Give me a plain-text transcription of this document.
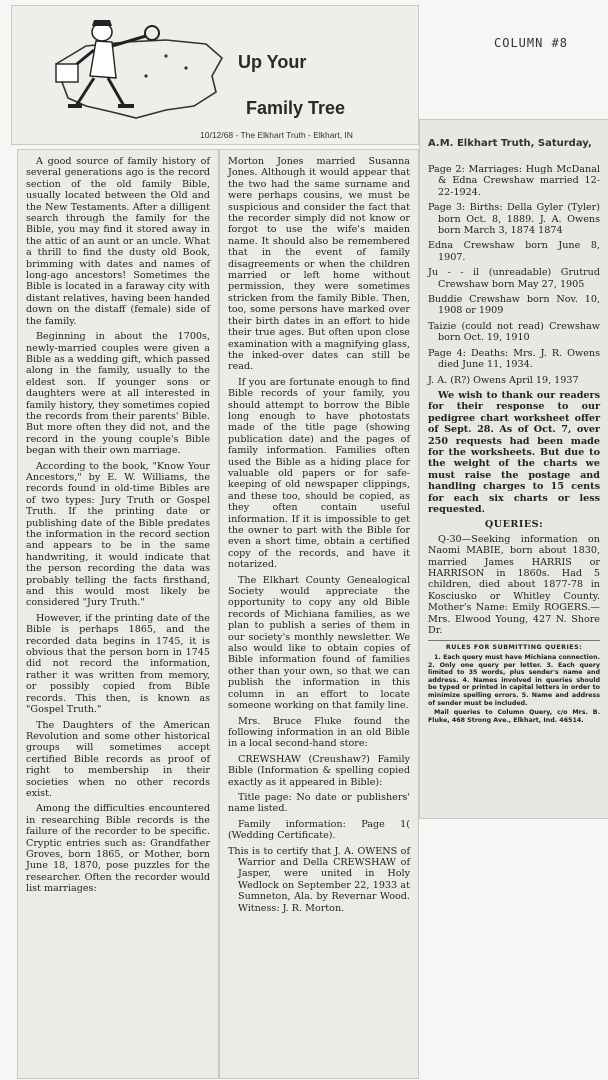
COLUMN #8
Up Your
Family Tree
10/12/68 - The Elkhart Truth - Elkhart, IN

A good source of family history of several generations ago is the record section of the old family Bible, usually located between the Old and the New Testaments. After a dilligent search through the family for the Bible, you may find it stored away in the attic of an aunt or an uncle. What a thrill to find the dusty old Book, brimming with dates and names of long-ago ancestors! Sometimes the Bible is located in a faraway city with distant relatives, having been handed down on the distaff (female) side of the family.

Beginning in about the 1700s, newly-married couples were given a Bible as a wedding gift, which passed along in the family, usually to the eldest son. If younger sons or daughters were at all interested in family history, they sometimes copied the records from their parents' Bible. But more often they did not, and the record in the young couple's Bible began with their own marriage.

According to the book, "Know Your Ancestors," by E. W. Williams, the records found in old-time Bibles are of two types: Jury Truth or Gospel Truth. If the printing date or publishing date of the Bible predates the information in the record section and appears to be in the same handwriting, it would indicate that the person recording the data was probably telling the facts firsthand, and this would most likely be considered "Jury Truth."

However, if the printing date of the Bible is perhaps 1865, and the recorded data begins in 1745, it is obvious that the person born in 1745 did not record the information, rather it was written from memory, or possibly copied from Bible records. This then, is known as "Gospel Truth."

The Daughters of the American Revolution and some other historical groups will sometimes accept certified Bible records as proof of right to membership in their societies when no other records exist.

Among the difficulties encountered in researching Bible records is the failure of the recorder to be specific. Cryptic entries such as: Grandfather Groves, born 1865, or Mother, born June 18, 1870, pose puzzles for the researcher. Often the recorder would list marriages:

Morton Jones married Susanna Jones. Although it would appear that the two had the same surname and were perhaps cousins, we must be suspicious and consider the fact that the recorder simply did not know or forgot to use the wife's maiden name. It should also be remembered that in the event of family disagreements or when the children married or left home without permission, they were sometimes stricken from the family Bible. Then, too, some persons have marked over their birth dates in an effort to hide their true ages. But often upon close examination with a magnifying glass, the inked-over dates can still be read.

If you are fortunate enough to find Bible records of your family, you should attempt to borrow the Bible long enough to have photostats made of the title page (showing publication date) and the pages of family information. Families often used the Bible as a hiding place for valuable old papers or for safe-keeping of old newspaper clippings, and these too, should be copied, as they often contain useful information. If it is impossible to get the owner to part with the Bible for even a short time, obtain a certified copy of the records, and have it notarized.

The Elkhart County Genealogical Society would appreciate the opportunity to copy any old Bible records of Michiana families, as we plan to publish a series of them in our society's monthly newsletter. We also would like to obtain copies of Bible information found of families other than your own, so that we can publish the information in this column in an effort to locate someone working on that family line.

Mrs. Bruce Fluke found the following information in an old Bible in a local second-hand store:

CREWSHAW (Creushaw?) Family Bible (Information & spelling copied exactly as it appeared in Bible):

Title page: No date or publishers' name listed.

Family information: Page 1( (Wedding Certificate).

This is to certify that J. A. OWENS of Warrior and Della CREWSHAW of Jasper, were united in Holy Wedlock on September 22, 1933 at Sumneton, Ala. by Revernar Wood. Witness: J. R. Morton.

A.M. Elkhart Truth, Saturday,

Page 2: Marriages: Hugh McDanal & Edna Crewshaw married 12-22-1924.

Page 3: Births: Della Gyler (Tyler) born Oct. 8, 1889. J. A. Owens born March 3, 1874 1874

Edna Crewshaw born June 8, 1907.

Ju - - il (unreadable) Grutrud Crewshaw born May 27, 1905

Buddie Crewshaw born Nov. 10, 1908 or 1909

Taizie (could not read) Crewshaw born Oct. 19, 1910

Page 4: Deaths: Mrs. J. R. Owens died June 11, 1934.

J. A. (R?) Owens April 19, 1937

We wish to thank our readers for their response to our pedigree chart worksheet offer of Sept. 28. As of Oct. 7, over 250 requests had been made for the worksheets. But due to the weight of the charts we must raise the postage and handling charges to 15 cents for each six charts or less requested.

QUERIES:

Q-30—Seeking information on Naomi MABIE, born about 1830, married James HARRIS or HARRISON in 1860s. Had 5 children, died about 1877-78 in Kosciusko or Whitley County. Mother's Name: Emily ROGERS.—Mrs. Elwood Young, 427 N. Shore Dr.

RULES FOR SUBMITTING QUERIES:

1. Each query must have Michiana connection. 2. Only one query per letter. 3. Each query limited to 35 words, plus sender's name and address. 4. Names involved in queries should be typed or printed in capital letters in order to minimize spelling errors. 5. Name and address of sender must be included.

Mail queries to Column Query, c/o Mrs. B. Fluke, 468 Strong Ave., Elkhart, Ind. 46514.
